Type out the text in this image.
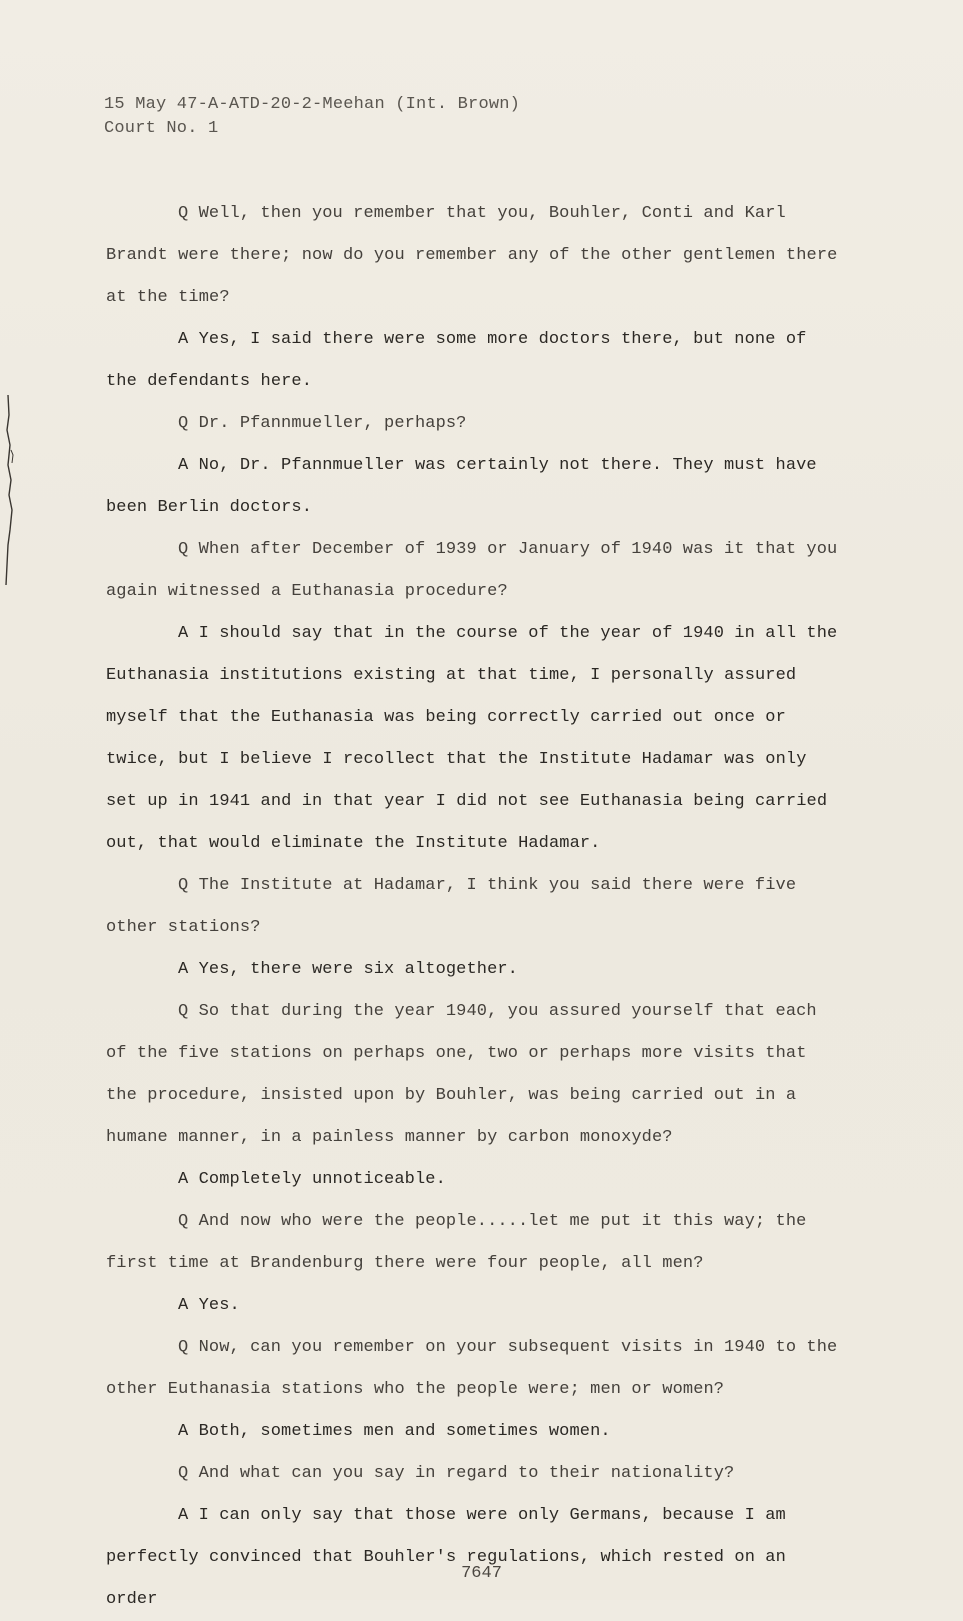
15 May 47-A-ATD-20-2-Meehan (Int. Brown)
Court No. 1

Q Well, then you remember that you, Bouhler, Conti and Karl Brandt were there; now do you remember any of the other gentlemen there at the time?

A Yes, I said there were some more doctors there, but none of the defendants here.

Q Dr. Pfannmueller, perhaps?

A No, Dr. Pfannmueller was certainly not there. They must have been Berlin doctors.

Q When after December of 1939 or January of 1940 was it that you again witnessed a Euthanasia procedure?

A I should say that in the course of the year of 1940 in all the Euthanasia institutions existing at that time, I personally assured myself that the Euthanasia was being correctly carried out once or twice, but I believe I recollect that the Institute Hadamar was only set up in 1941 and in that year I did not see Euthanasia being carried out, that would eliminate the Institute Hadamar.

Q The Institute at Hadamar, I think you said there were five other stations?

A Yes, there were six altogether.

Q So that during the year 1940, you assured yourself that each of the five stations on perhaps one, two or perhaps more visits that the procedure, insisted upon by Bouhler, was being carried out in a humane manner, in a painless manner by carbon monoxyde?

A Completely unnoticeable.

Q And now who were the people.....let me put it this way; the first time at Brandenburg there were four people, all men?

A Yes.

Q Now, can you remember on your subsequent visits in 1940 to the other Euthanasia stations who the people were; men or women?

A Both, sometimes men and sometimes women.

Q And what can you say in regard to their nationality?

A I can only say that those were only Germans, because I am perfectly convinced that Bouhler's regulations, which rested on an order

7647
